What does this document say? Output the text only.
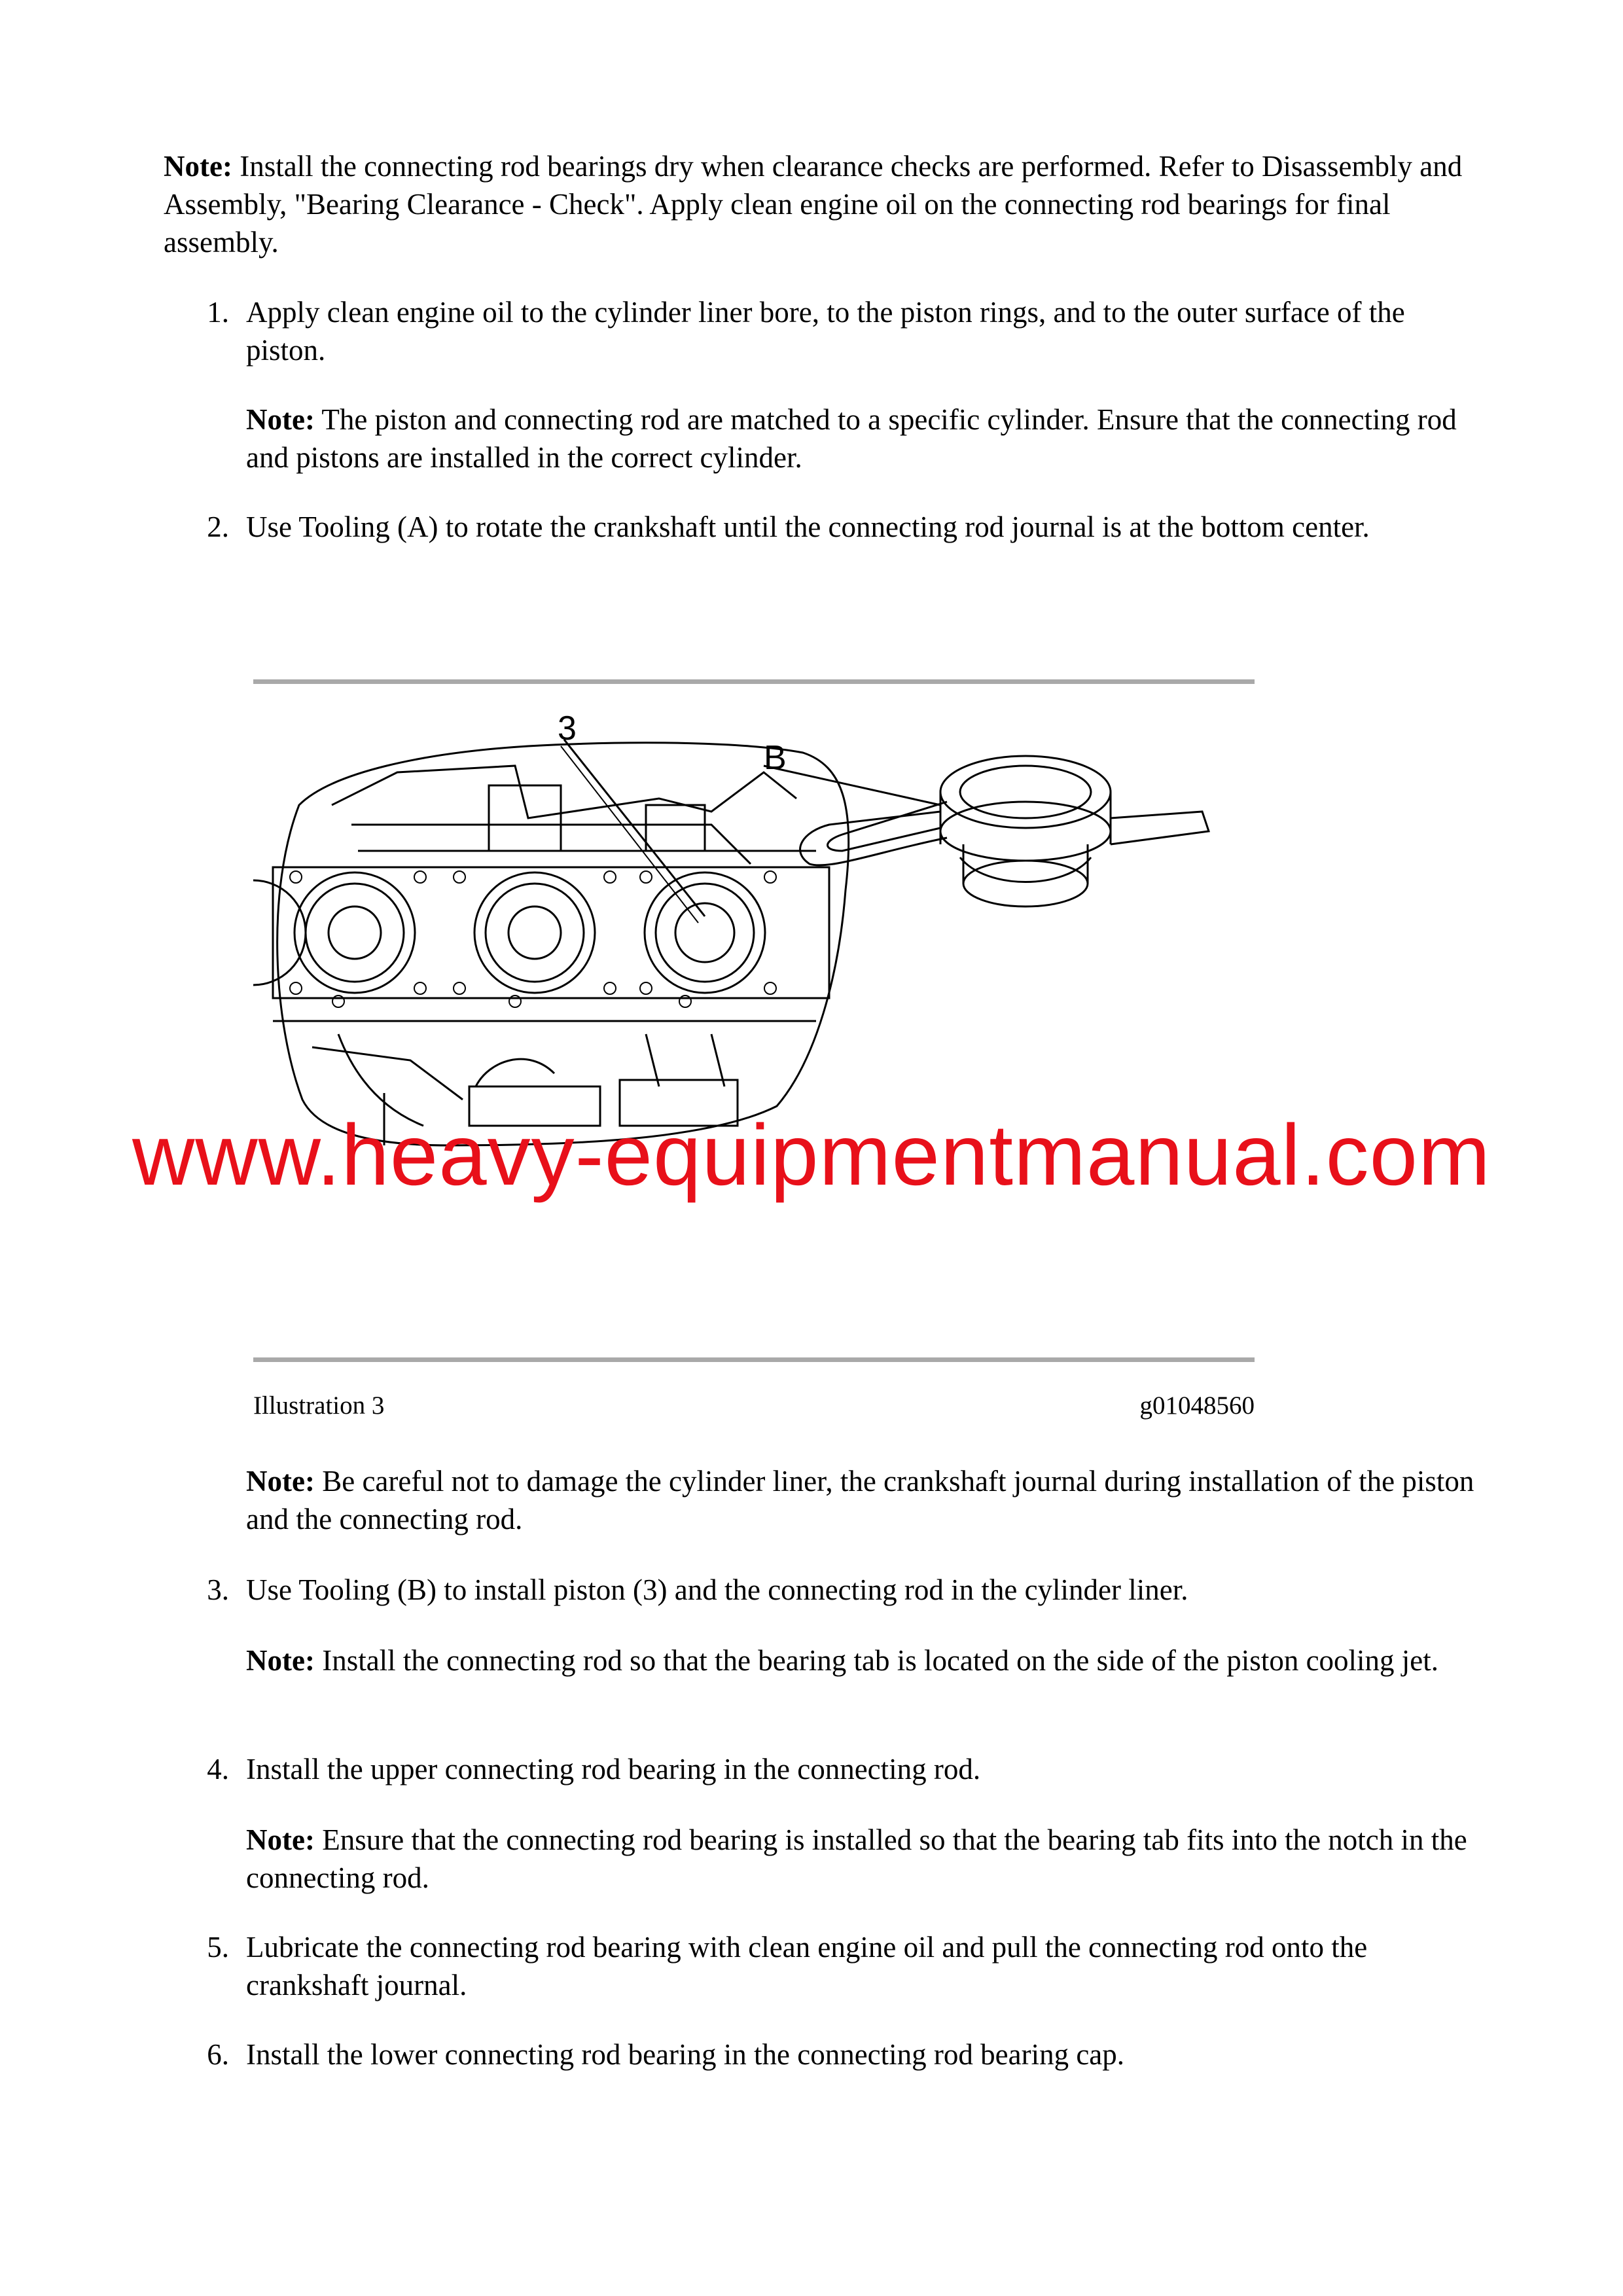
Note: Install the connecting rod bearings dry when clearance checks are performed. Refer to Disassembly and Assembly, "Bearing Clearance - Check". Apply clean engine oil on the connecting rod bearings for final assembly.

1. Apply clean engine oil to the cylinder liner bore, to the piston rings, and to the outer surface of the piston.

Note: The piston and connecting rod are matched to a specific cylinder. Ensure that the connecting rod and pistons are installed in the correct cylinder.

2. Use Tooling (A) to rotate the crankshaft until the connecting rod journal is at the bottom center.

3
B
www.heavy-equipmentmanual.com
Illustration 3	g01048560

Note: Be careful not to damage the cylinder liner, the crankshaft journal during installation of the piston and the connecting rod.

3. Use Tooling (B) to install piston (3) and the connecting rod in the cylinder liner.

Note: Install the connecting rod so that the bearing tab is located on the side of the piston cooling jet.

4. Install the upper connecting rod bearing in the connecting rod.

Note: Ensure that the connecting rod bearing is installed so that the bearing tab fits into the notch in the connecting rod.

5. Lubricate the connecting rod bearing with clean engine oil and pull the connecting rod onto the crankshaft journal.

6. Install the lower connecting rod bearing in the connecting rod bearing cap.
